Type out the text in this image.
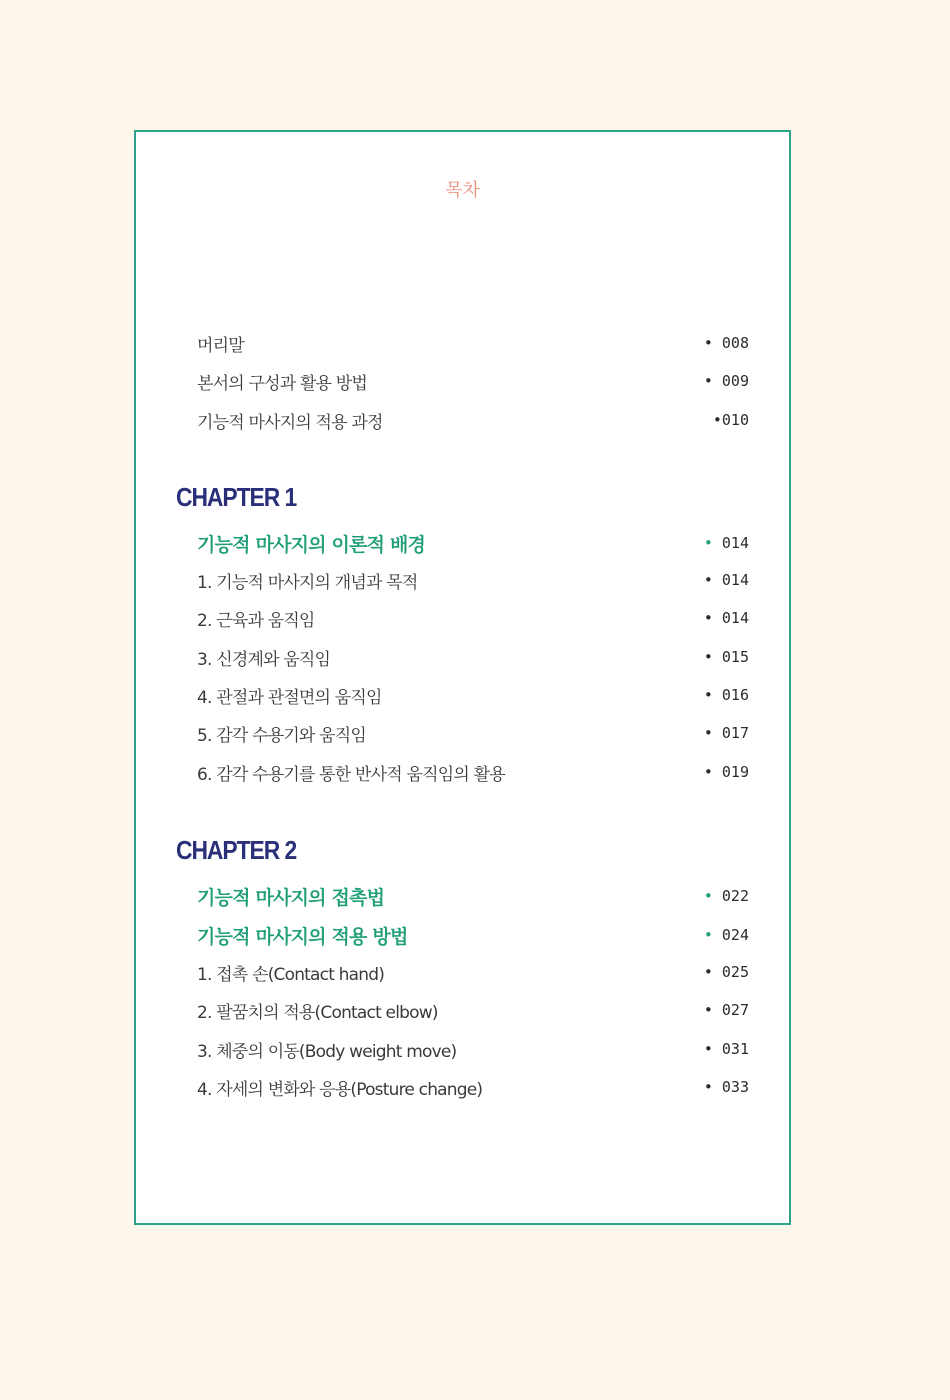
목차
머리말	• 008
본서의 구성과 활용 방법	• 009
기능적 마사지의 적용 과정	•010
CHAPTER 1
기능적 마사지의 이론적 배경	• 014
1. 기능적 마사지의 개념과 목적	• 014
2. 근육과 움직임	• 014
3. 신경계와 움직임	• 015
4. 관절과 관절면의 움직임	• 016
5. 감각 수용기와 움직임	• 017
6. 감각 수용기를 통한 반사적 움직임의 활용	• 019
CHAPTER 2
기능적 마사지의 접촉법	• 022
기능적 마사지의 적용 방법	• 024
1. 접촉 손(Contact hand)	• 025
2. 팔꿈치의 적용(Contact elbow)	• 027
3. 체중의 이동(Body weight move)	• 031
4. 자세의 변화와 응용(Posture change)	• 033
